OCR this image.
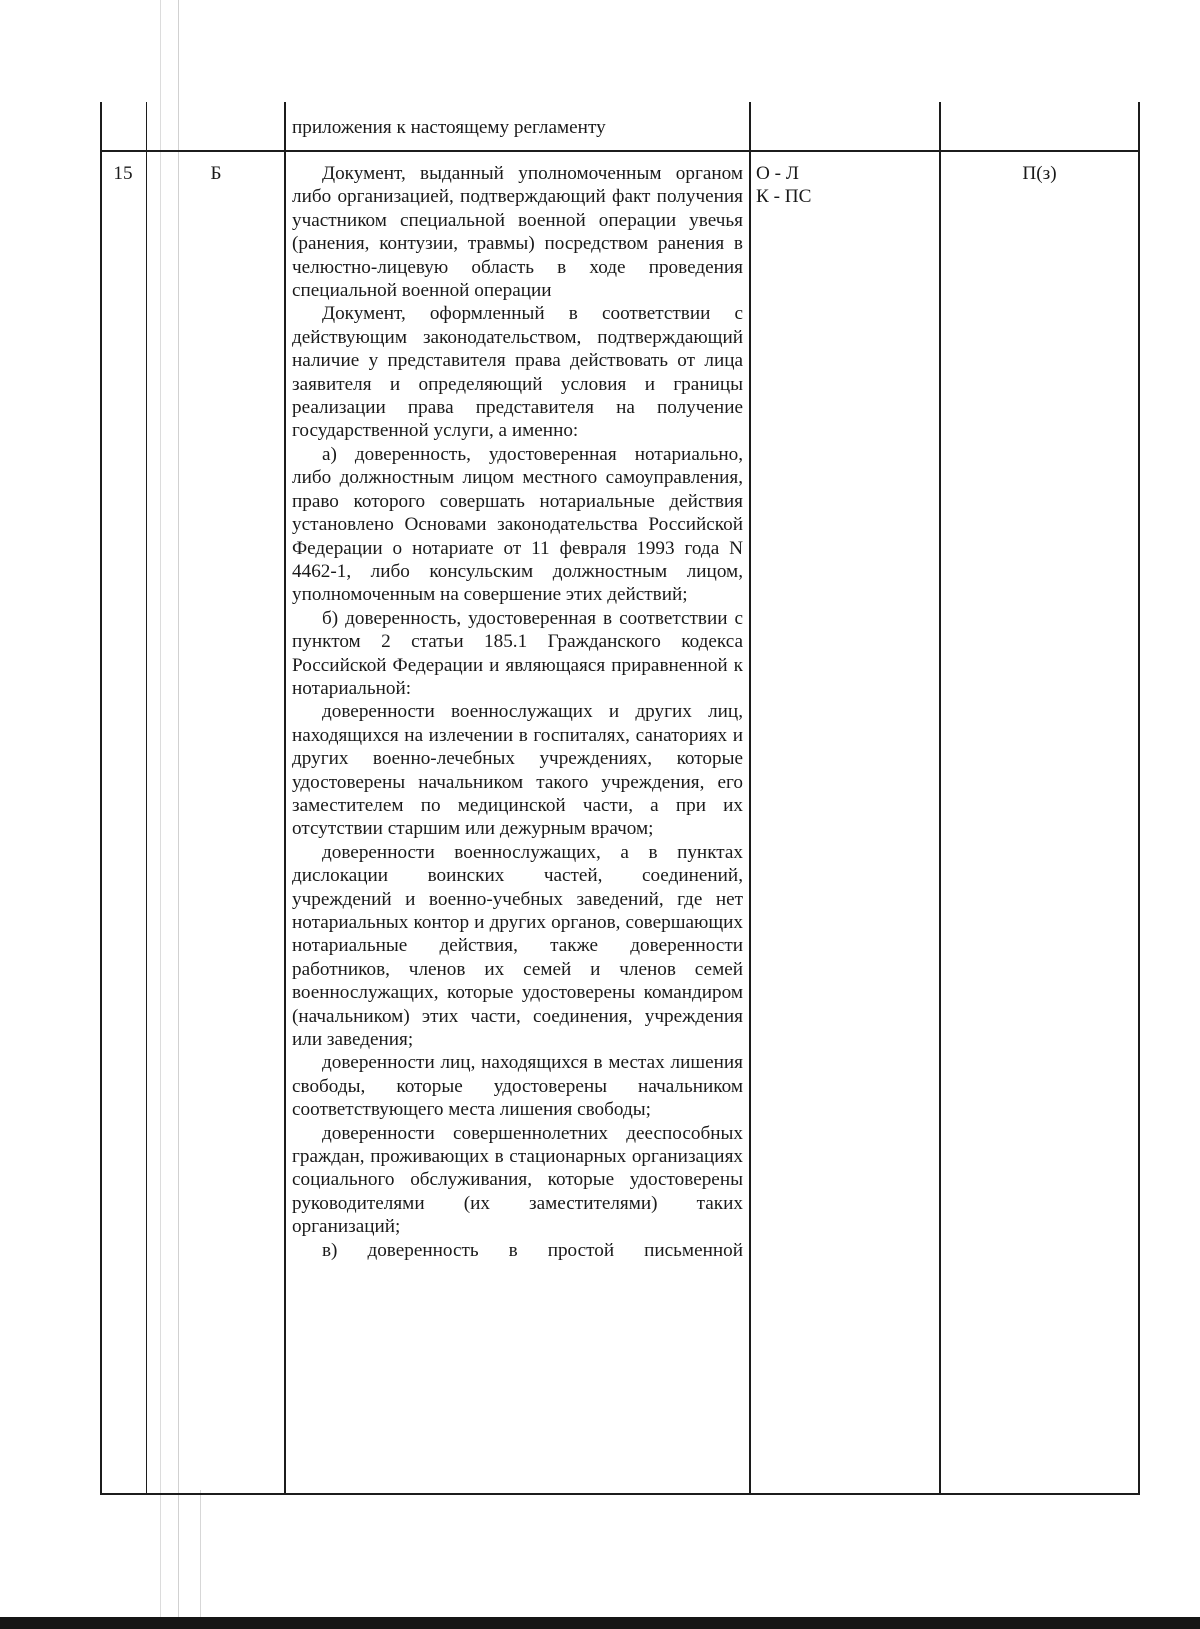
приложения к настоящему регламенту

15	Б	Документ, выданный уполномоченным органом либо организацией, подтверждающий факт получения участником специальной военной операции увечья (ранения, контузии, травмы) посредством ранения в челюстно-лицевую область в ходе проведения специальной военной операции

Документ, оформленный в соответствии с действующим законодательством, подтверждающий наличие у представителя права действовать от лица заявителя и определяющий условия и границы реализации права представителя на получение государственной услуги, а именно:

а) доверенность, удостоверенная нотариально, либо должностным лицом местного самоуправления, право которого совершать нотариальные действия установлено Основами законодательства Российской Федерации о нотариате от 11 февраля 1993 года N 4462-1, либо консульским должностным лицом, уполномоченным на совершение этих действий;

б) доверенность, удостоверенная в соответствии с пунктом 2 статьи 185.1 Гражданского кодекса Российской Федерации и являющаяся приравненной к нотариальной:

доверенности военнослужащих и других лиц, находящихся на излечении в госпиталях, санаториях и других военно-лечебных учреждениях, которые удостоверены начальником такого учреждения, его заместителем по медицинской части, а при их отсутствии старшим или дежурным врачом;

доверенности военнослужащих, а в пунктах дислокации воинских частей, соединений, учреждений и военно-учебных заведений, где нет нотариальных контор и других органов, совершающих нотариальные действия, также доверенности работников, членов их семей и членов семей военнослужащих, которые удостоверены командиром (начальником) этих части, соединения, учреждения или заведения;

доверенности лиц, находящихся в местах лишения свободы, которые удостоверены начальником соответствующего места лишения свободы;

доверенности совершеннолетних дееспособных граждан, проживающих в стационарных организациях социального обслуживания, которые удостоверены руководителями (их заместителями) таких организаций;

в) доверенность в простой письменной

О - Л
К - ПС
П(з)
